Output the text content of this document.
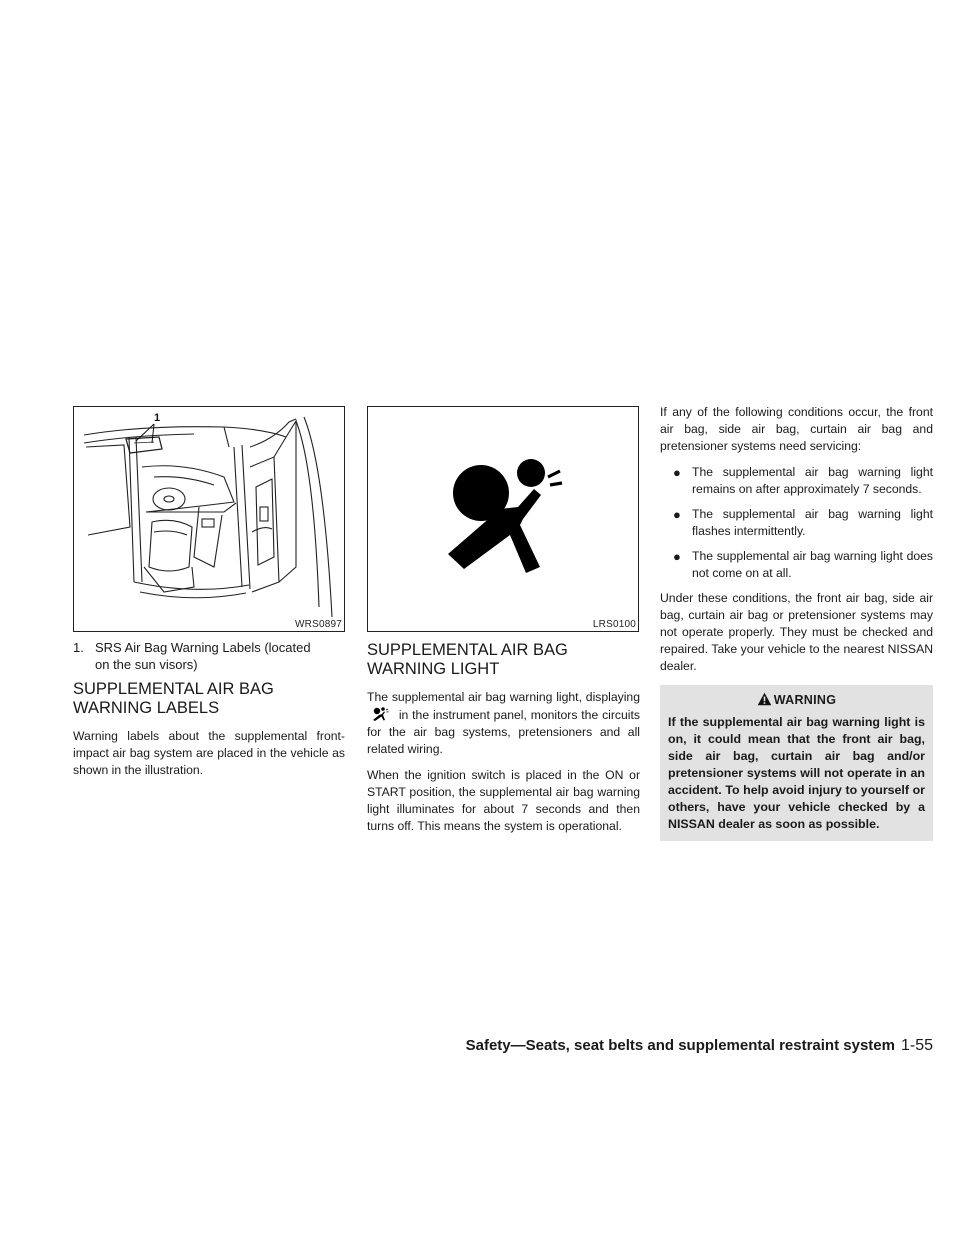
1
WRS0897
1. SRS Air Bag Warning Labels (located
on the sun visors)
SUPPLEMENTAL AIR BAG WARNING LABELS

Warning labels about the supplemental front-impact air bag system are placed in the vehicle as shown in the illustration.

LRS0100
SUPPLEMENTAL AIR BAG WARNING LIGHT

The supplemental air bag warning light, displaying  in the instrument panel, monitors the circuits for the air bag systems, pretensioners and all related wiring.

When the ignition switch is placed in the ON or START position, the supplemental air bag warning light illuminates for about 7 seconds and then turns off. This means the system is operational.

If any of the following conditions occur, the front air bag, side air bag, curtain air bag and pretensioner systems need servicing:

● The supplemental air bag warning light remains on after approximately 7 seconds.
● The supplemental air bag warning light flashes intermittently.
● The supplemental air bag warning light does not come on at all.

Under these conditions, the front air bag, side air bag, curtain air bag or pretensioner systems may not operate properly. They must be checked and repaired. Take your vehicle to the nearest NISSAN dealer.

WARNING
If the supplemental air bag warning light is on, it could mean that the front air bag, side air bag, curtain air bag and/or pretensioner systems will not operate in an accident. To help avoid injury to yourself or others, have your vehicle checked by a NISSAN dealer as soon as possible.
Safety—Seats, seat belts and supplemental restraint system 1-55
